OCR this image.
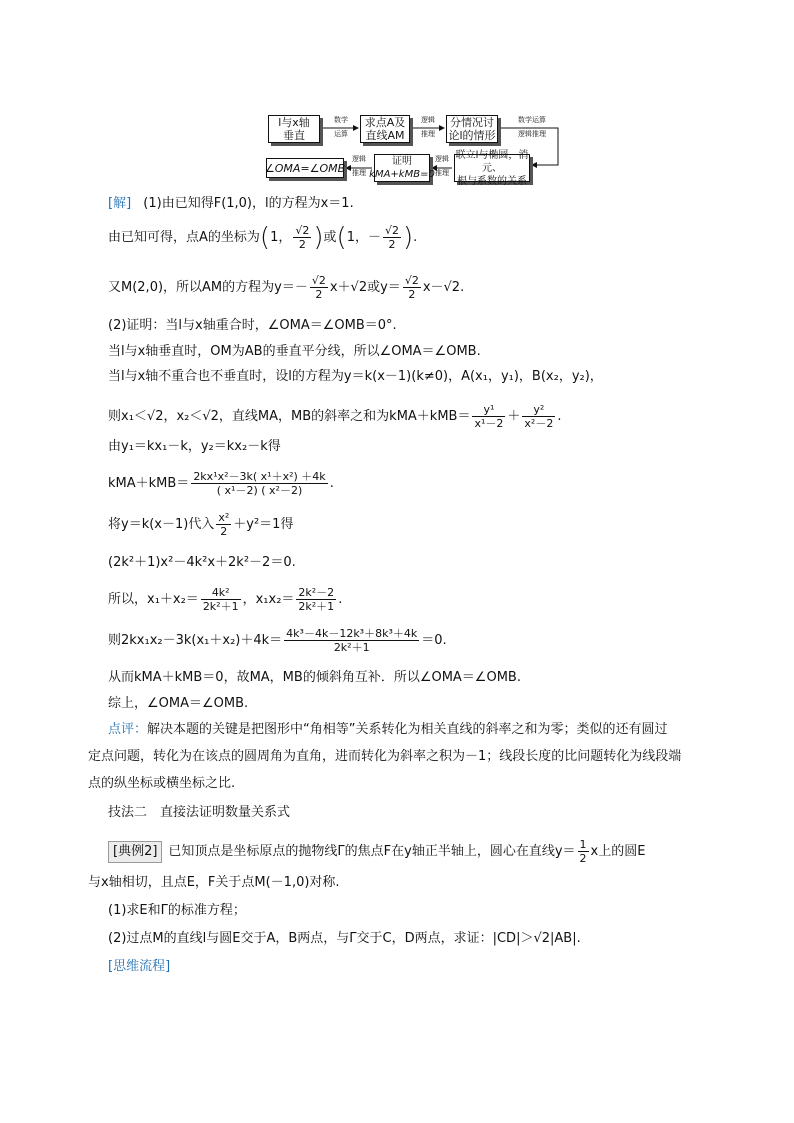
l与x轴
垂直
数学
运算
求点A及
直线AM
逻辑
推理
分情况讨
论l的情形
数学运算
逻辑推理
联立l与椭圆，消元、
根与系数的关系
逻辑
推理
证明
kMA+kMB=0
逻辑
推理
∠OMA=∠OMB
[解] (1)由已知得F(1,0)，l的方程为x＝1.
由已知可得，点A的坐标为(1， $\frac{√2}{2}$ )或(1，－ $\frac{√2}{2}$ ).
又M(2,0)，所以AM的方程为$y=- \frac{√2}{2} x+√2$或$y= \frac{√2}{2} x-√2$.
(2)证明：当l与x轴重合时，∠OMA＝∠OMB＝0°.
当l与x轴垂直时，OM为AB的垂直平分线，所以∠OMA＝∠OMB.
当l与x轴不重合也不垂直时，设l的方程为y＝k(x－1)(k≠0)，A(x₁，y₁)，B(x₂，y₂)，
则x₁＜√2，x₂＜√2，直线MA，MB的斜率之和为$kMA+kMB= \frac{\text{y¹}}{\text{x¹－2}} + \frac{\text{y²}}{\text{x²－2}}$ .
由y₁＝kx₁－k，y₂＝kx₂－k得
$kMA+kMB= \frac{\text{2kx¹x²－3k( x¹＋x²) ＋4k}}{\text{( x¹－2) ( x²－2)}}$ .
将y＝k(x－1)代入 $\frac{\text{x²}}{2} +y^2=1$得
(2k²＋1)x²－4k²x＋2k²－2＝0.
所以，$x_1+x_2= \frac{\text{4k²}}{\text{2k²＋1}}$ ，$x_1x_2= \frac{\text{2k²－2}}{\text{2k²＋1}}$ .
则$2kx_1x_2-3k(x_1+x_2)+4k= \frac{\text{4k³－4k－12k³＋8k³＋4k}}{\text{2k²＋1}} =0$.
从而kMA＋kMB＝0，故MA，MB的倾斜角互补．所以∠OMA＝∠OMB.
综上，∠OMA＝∠OMB.
点评：解决本题的关键是把图形中“角相等”关系转化为相关直线的斜率之和为零；类似的还有圆过
定点问题，转化为在该点的圆周角为直角，进而转化为斜率之积为－1；线段长度的比问题转化为线段端
点的纵坐标或横坐标之比.
技法二　直接法证明数量关系式
[典例2] 已知顶点是坐标原点的抛物线Γ的焦点F在y轴正半轴上，圆心在直线$y= \frac{1}{2}$ x上的圆E
与x轴相切，且点E，F关于点M(－1,0)对称.
(1)求E和Γ的标准方程；
(2)过点M的直线l与圆E交于A，B两点，与Γ交于C，D两点，求证：|CD|＞√2|AB|.
[思维流程]
